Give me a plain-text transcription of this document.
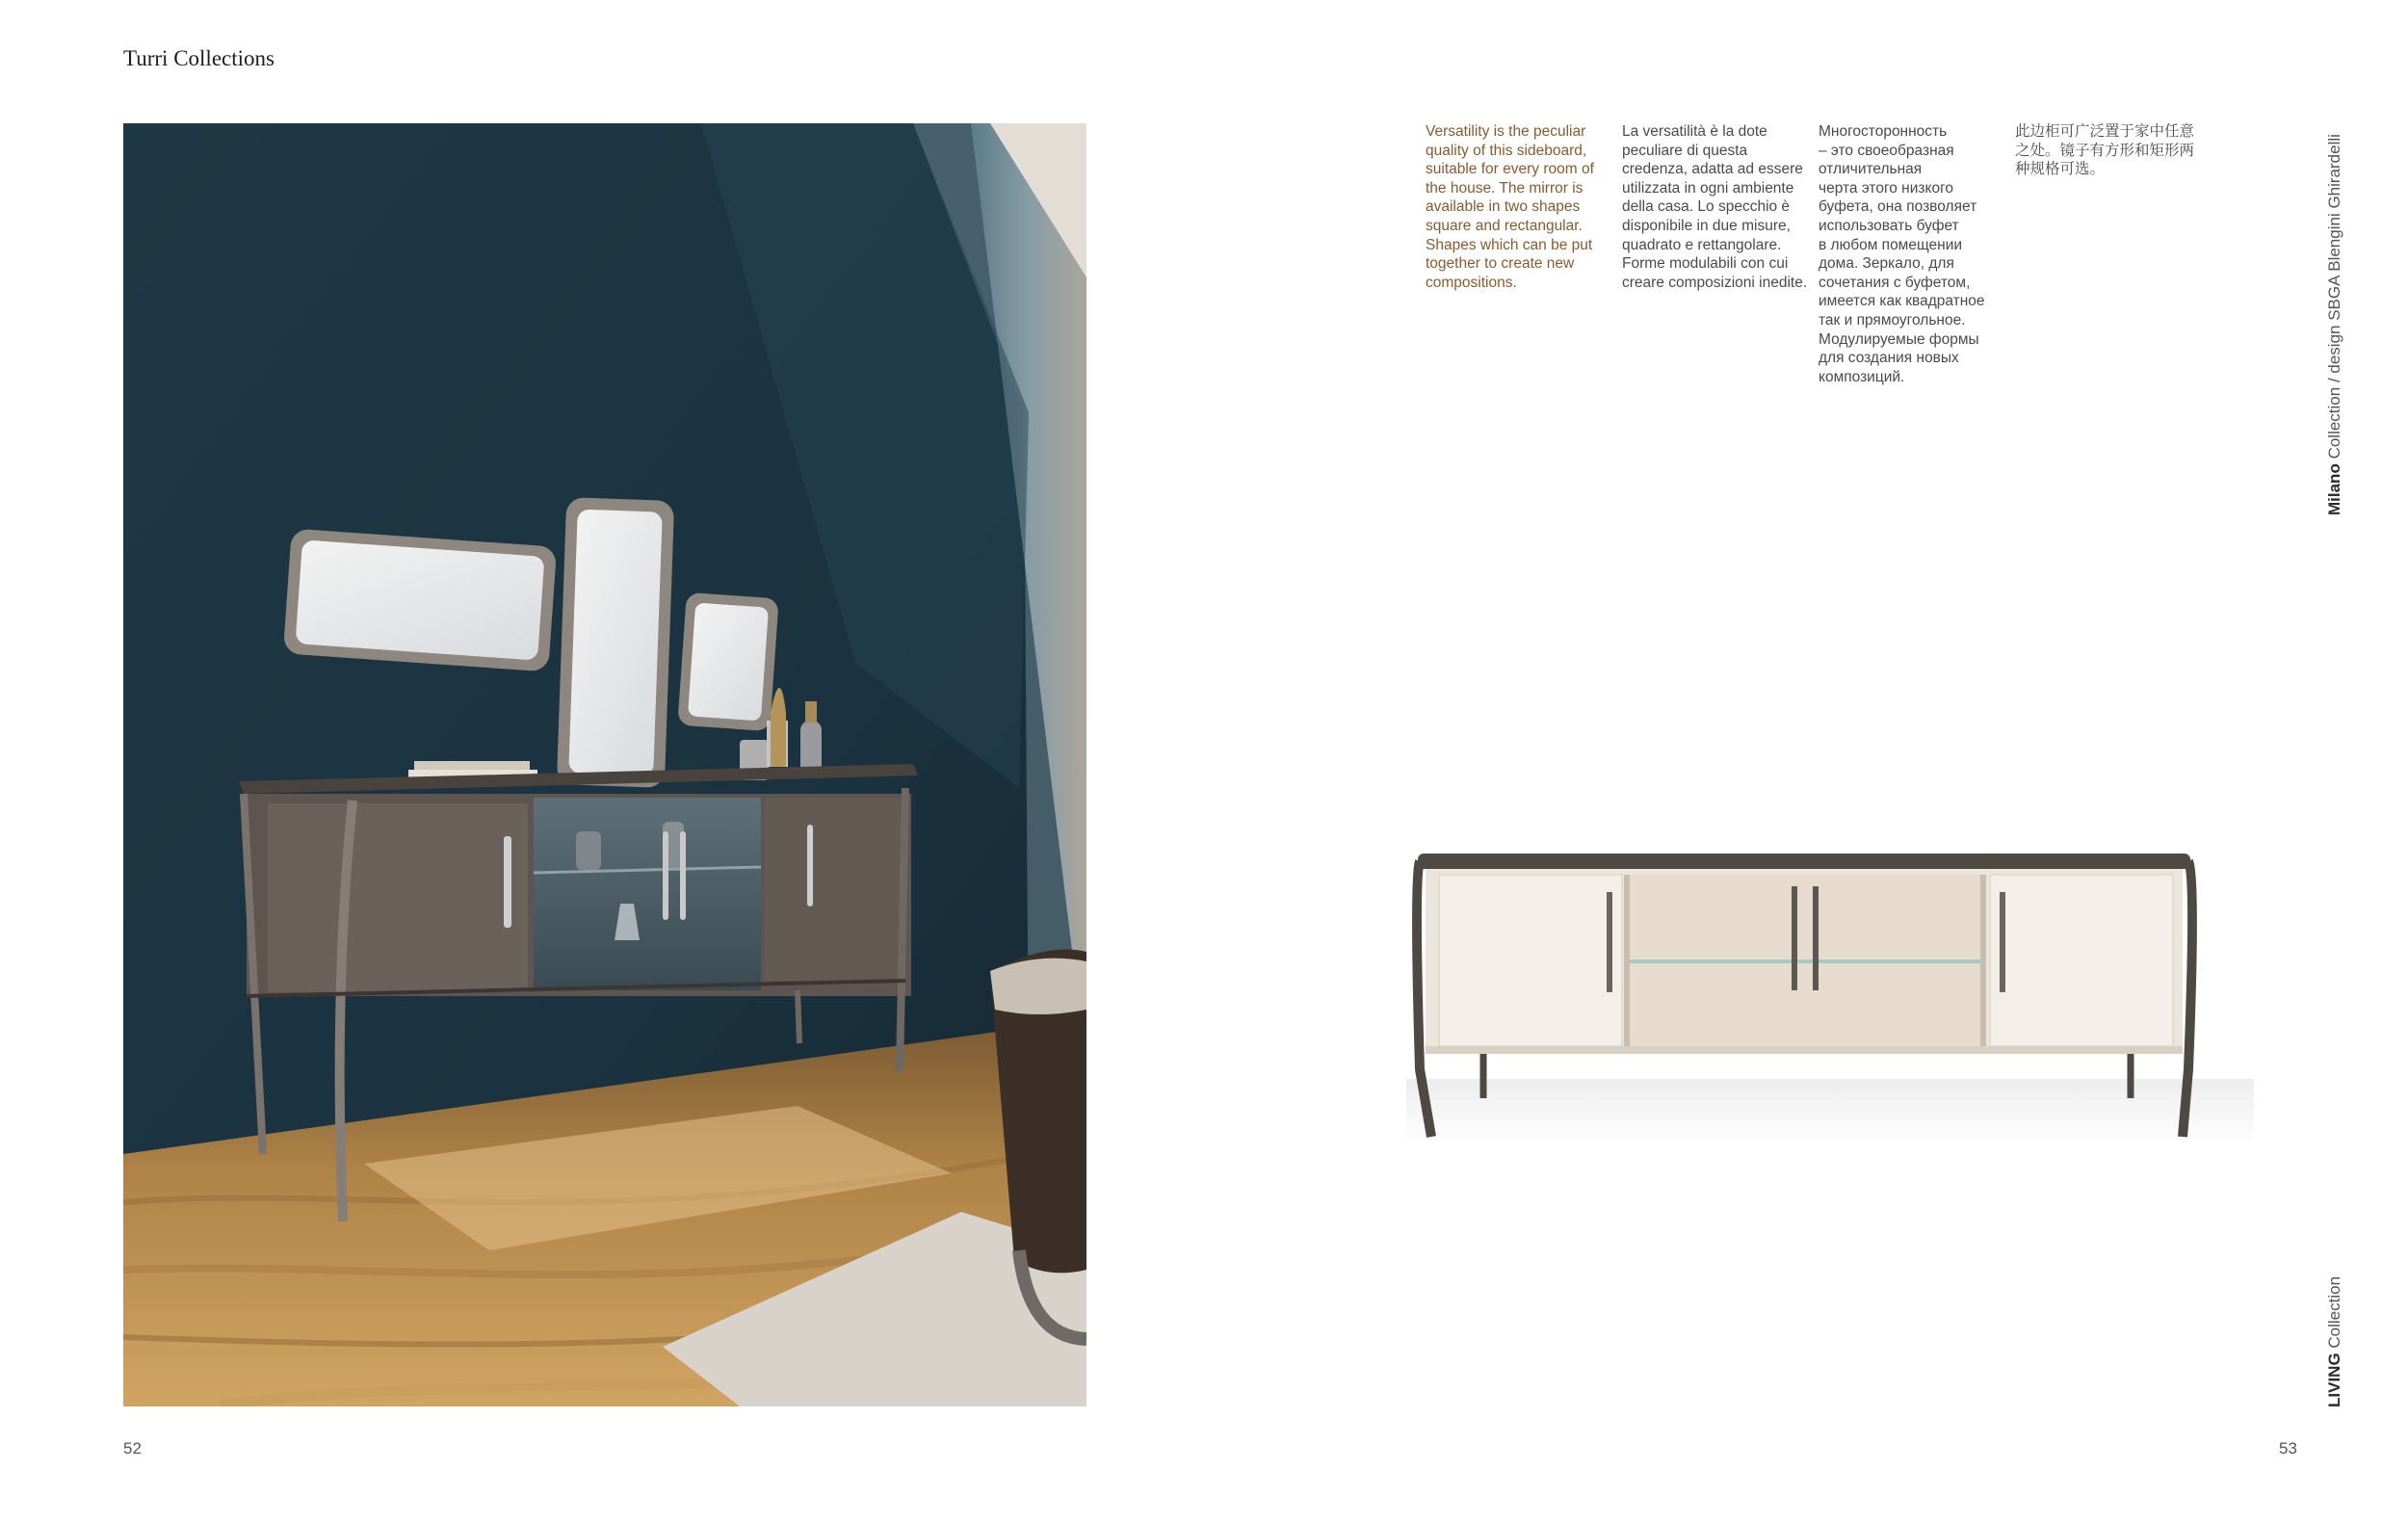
Turri Collections
Versatility is the peculiar
quality of this sideboard,
suitable for every room of
the house. The mirror is
available in two shapes
square and rectangular.
Shapes which can be put
together to create new
compositions.
La versatilità è la dote
peculiare di questa
credenza, adatta ad essere
utilizzata in ogni ambiente
della casa. Lo specchio è
disponibile in due misure,
quadrato e rettangolare.
Forme modulabili con cui
creare composizioni inedite.
Многосторонность
– это своеобразная
отличительная
черта этого низкого
буфета, она позволяет
использовать буфет
в любом помещении
дома. Зеркало, для
сочетания с буфетом,
имеется как квадратное
так и прямоугольное.
Модулируемые формы
для создания новых
композиций.
此边柜可广泛置于家中任意
之处。镜子有方形和矩形两
种规格可选。
Milano Collection / design SBGA Blengini Ghirardelli
LIVING Collection
52	53
